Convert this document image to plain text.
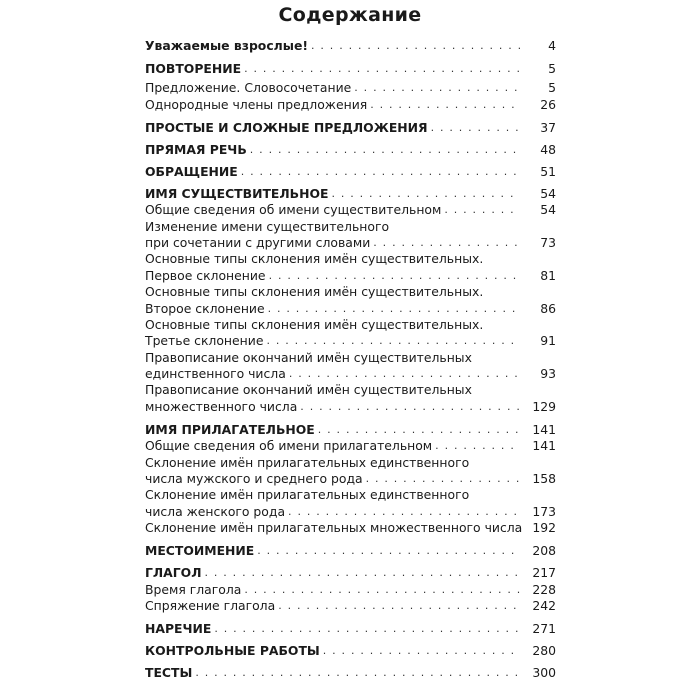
Содержание
Уважаемые взрослые! . . .	4
ПОВТОРЕНИЕ . . .	5
Предложение. Словосочетание . . .	5
Однородные члены предложения . . .	26
ПРОСТЫЕ И СЛОЖНЫЕ ПРЕДЛОЖЕНИЯ . . .	37
ПРЯМАЯ РЕЧЬ . . .	48
ОБРАЩЕНИЕ . . .	51
ИМЯ СУЩЕСТВИТЕЛЬНОЕ . . .	54
Общие сведения об имени существительном . . .	54
Изменение имени существительного
при сочетании с другими словами . . .	73
Основные типы склонения имён существительных.
Первое склонение . . .	81
Основные типы склонения имён существительных.
Второе склонение . . .	86
Основные типы склонения имён существительных.
Третье склонение . . .	91
Правописание окончаний имён существительных
единственного числа . . .	93
Правописание окончаний имён существительных
множественного числа . . .	129
ИМЯ ПРИЛАГАТЕЛЬНОЕ . . .	141
Общие сведения об имени прилагательном . . .	141
Склонение имён прилагательных единственного
числа мужского и среднего рода . . .	158
Склонение имён прилагательных единственного
числа женского рода . . .	173
Склонение имён прилагательных множественного числа 192
МЕСТОИМЕНИЕ . . .	208
ГЛАГОЛ . . .	217
Время глагола . . .	228
Спряжение глагола . . .	242
НАРЕЧИЕ . . .	271
КОНТРОЛЬНЫЕ РАБОТЫ . . .	280
ТЕСТЫ . . .	300
